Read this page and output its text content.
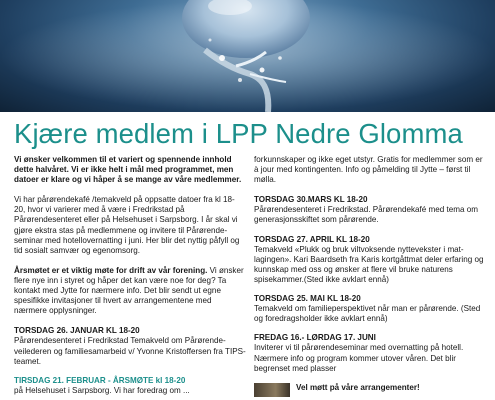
Kjære medlem i LPP Nedre Glomma

Vi ønsker velkommen til et variert og spennende innhold dette halvåret. Vi er ikke helt i mål med programmet, men datoer er klare og vi håper å se mange av våre medlemmer.

Vi har pårørendekafé /temakveld på oppsatte datoer fra kl 18- 20, hvor vi varierer med å være i Fredrikstad på Pårørendesenteret eller på Helsehuset i Sarpsborg. I år skal vi gjøre ekstra stas på medlemmene og invitere til Pårørende- seminar med hotellovernatting i juni. Her blir det nyttig påfyll og tid sosialt samvær og egenomsorg.

Årsmøtet er et viktig møte for drift av vår forening. Vi ønsker flere nye inn i styret og håper det kan være noe for deg? Ta kontakt med Jytte for nærmere info. Det blir sendt ut egne spesifikke invitasjoner til hvert av arrangementene med nærmere opplysninger.

TORSDAG 26. JANUAR KL 18-20
Pårørendesenteret i Fredrikstad Temakveld om Pårørende- veilederen og familiesamarbeid v/ Yvonne Kristoffersen fra TIPS- teamet.
TIRSDAG 21. FEBRUAR - ÅRSMØTE kl 18-20
på Helsehuset i Sarpsborg. Vi har foredrag om ...

forkunnskaper og ikke eget utstyr. Gratis for medlemmer som er à jour med kontingenten. Info og påmelding til Jytte – først til mølla.

TORSDAG 30.MARS KL 18-20
Pårørendesenteret i Fredrikstad. Pårørendekafé med tema om generasjonsskiftet som pårørende.
TORSDAG 27. APRIL KL 18-20
Temakveld «Plukk og bruk viltvoksende nyttevekster i mat- lagingen». Kari Baardseth fra Karis kortgåttmat deler erfaring og kunnskap med oss og ønsker at flere vil bruke naturens spisekammer.(Sted ikke avklart ennå)
TORSDAG 25. MAI KL 18-20
Temakveld om familieperspektivet når man er pårørende. (Sted og foredragsholder ikke avklart ennå)
FREDAG 16.- LØRDAG 17. JUNI
Inviterer vi til pårørendeseminar med overnatting på hotell. Nærmere info og program kommer utover våren. Det blir begrenset med plasser
Vel møtt på våre arrangementer!
